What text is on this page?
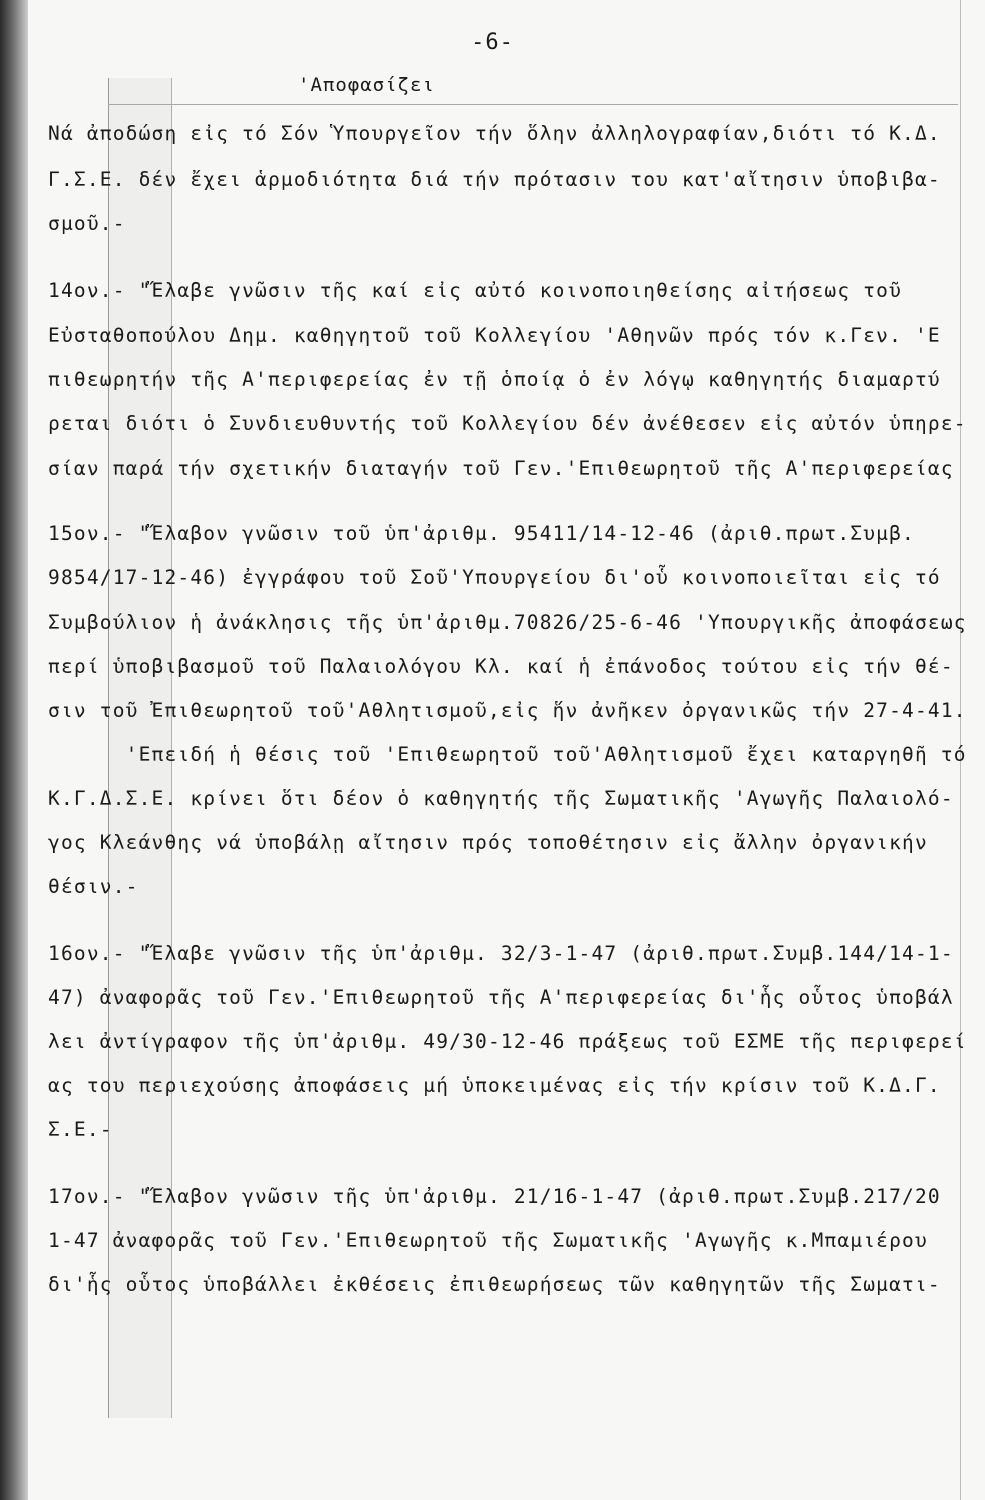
-6-
'Αποφασίζει
Νά ἀποδώση εἰς τό Σόν Ὑπουργεῖον τήν ὅλην ἀλληλογραφίαν,διότι τό Κ.Δ.
Γ.Σ.Ε. δέν ἔχει ἁρμοδιότητα διά τήν πρότασιν του κατ'αἴτησιν ὑποβιβα-
σμοῦ.-
14ον.- "Ἔλαβε γνῶσιν τῆς καί εἰς αὐτό κοινοποιηθείσης αἰτήσεως τοῦ
Εὐσταθοπούλου Δημ. καθηγητοῦ τοῦ Κολλεγίου 'Αθηνῶν πρός τόν κ.Γεν. 'Ε
πιθεωρητήν τῆς Α'περιφερείας ἐν τῇ ὁποίᾳ ὁ ἐν λόγῳ καθηγητής διαμαρτύ
ρεται διότι ὁ Συνδιευθυντής τοῦ Κολλεγίου δέν ἀνέθεσεν εἰς αὐτόν ὑπηρε-
σίαν παρά τήν σχετικήν διαταγήν τοῦ Γεν.'Επιθεωρητοῦ τῆς Α'περιφερείας
15ον.- "Ἔλαβον γνῶσιν τοῦ ὑπ'ἀριθμ. 95411/14-12-46 (ἀριθ.πρωτ.Συμβ.
9854/17-12-46) ἐγγράφου τοῦ Σοῦ'Υπουργείου δι'οὗ κοινοποιεῖται εἰς τό
Συμβούλιον ἡ ἀνάκλησις τῆς ὑπ'ἀριθμ.70826/25-6-46 'Υπουργικῆς ἀποφάσεως
περί ὑποβιβασμοῦ τοῦ Παλαιολόγου Κλ. καί ἡ ἐπάνοδος τούτου εἰς τήν θέ-
σιν τοῦ Ἐπιθεωρητοῦ τοῦ'Αθλητισμοῦ,εἰς ἥν ἀνῆκεν ὀργανικῶς τήν 27-4-41.
'Επειδή ἡ θέσις τοῦ 'Επιθεωρητοῦ τοῦ'Αθλητισμοῦ ἔχει καταργηθῆ τό
Κ.Γ.Δ.Σ.Ε. κρίνει ὅτι δέον ὁ καθηγητής τῆς Σωματικῆς 'Αγωγῆς Παλαιολό-
γος Κλεάνθης νά ὑποβάλῃ αἴτησιν πρός τοποθέτησιν εἰς ἄλλην ὀργανικήν
θέσιν.-
16ον.- "Ἔλαβε γνῶσιν τῆς ὑπ'ἀριθμ. 32/3-1-47 (ἀριθ.πρωτ.Συμβ.144/14-1-
47) ἀναφορᾶς τοῦ Γεν.'Επιθεωρητοῦ τῆς Α'περιφερείας δι'ἧς οὗτος ὑποβάλ
λει ἀντίγραφον τῆς ὑπ'ἀριθμ. 49/30-12-46 πράξεως τοῦ ΕΣΜΕ τῆς περιφερεί
ας του περιεχούσης ἀποφάσεις μή ὑποκειμένας εἰς τήν κρίσιν τοῦ Κ.Δ.Γ.
Σ.Ε.-
17ον.- "Ἔλαβον γνῶσιν τῆς ὑπ'ἀριθμ. 21/16-1-47 (ἀριθ.πρωτ.Συμβ.217/20
1-47 ἀναφορᾶς τοῦ Γεν.'Επιθεωρητοῦ τῆς Σωματικῆς 'Αγωγῆς κ.Μπαμιέρου
δι'ἧς οὗτος ὑποβάλλει ἐκθέσεις ἐπιθεωρήσεως τῶν καθηγητῶν τῆς Σωματι-
